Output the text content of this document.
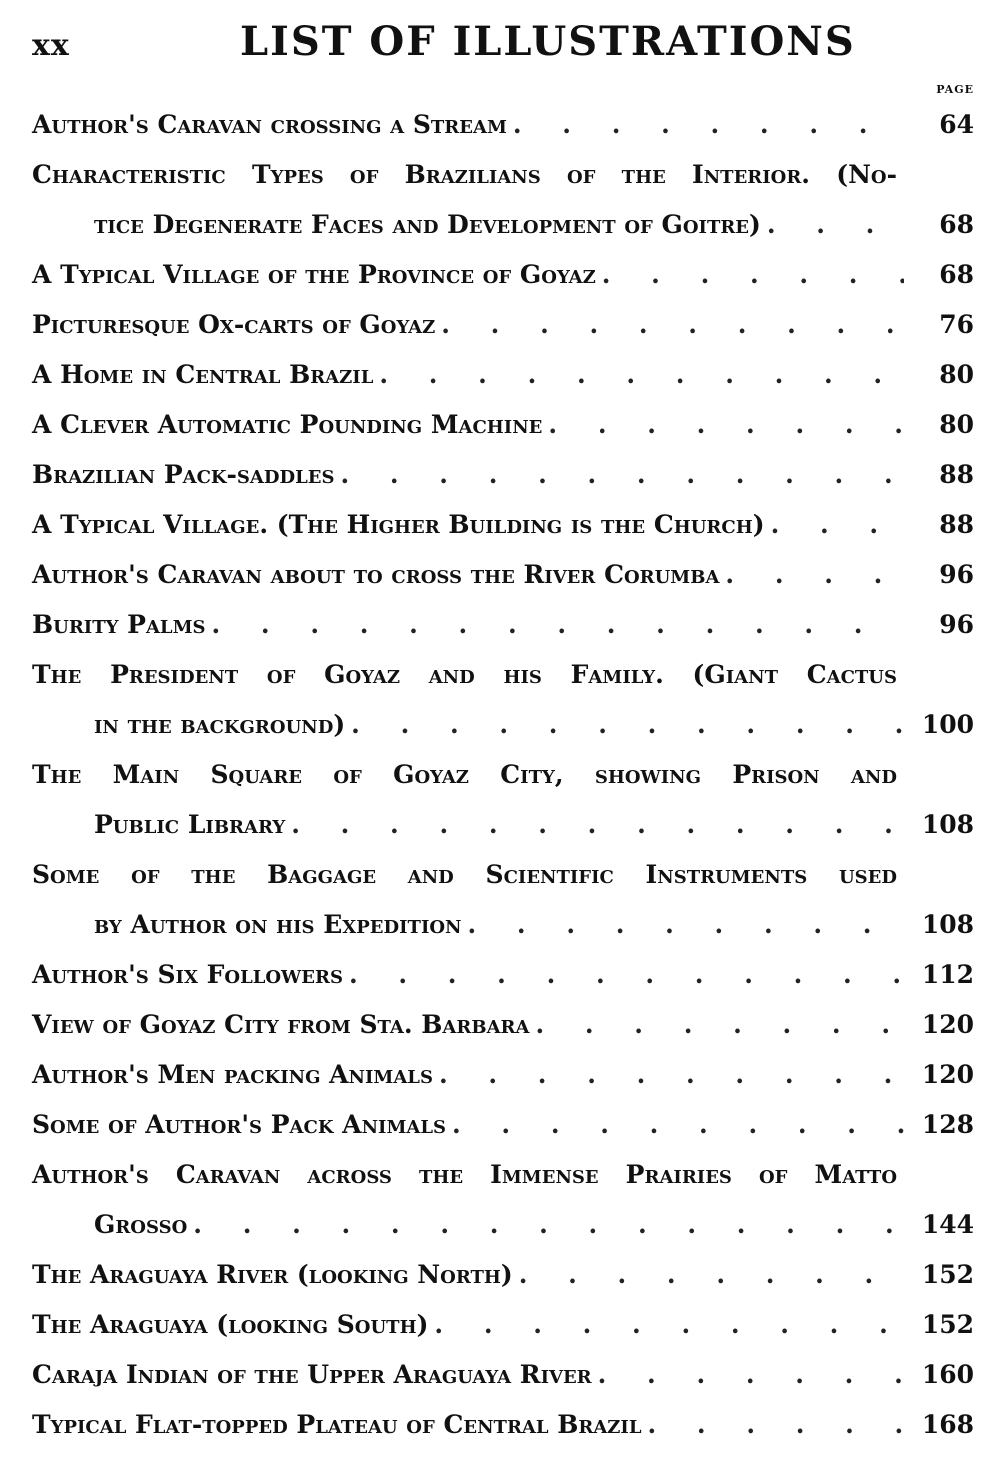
xx	LIST OF ILLUSTRATIONS
PAGE
Author's Caravan crossing a Stream . . .	64
Characteristic Types of Brazilians of the Interior. (No-
tice Degenerate Faces and Development of Goitre) . . .	68
A Typical Village of the Province of Goyaz . . .	68
Picturesque Ox-carts of Goyaz . . .	76
A Home in Central Brazil . . .	80
A Clever Automatic Pounding Machine . . .	80
Brazilian Pack-saddles . . .	88
A Typical Village. (The Higher Building is the Church) . . .	88
Author's Caravan about to cross the River Corumba . . .	96
Burity Palms . . .	96
The President of Goyaz and his Family. (Giant Cactus
in the background) . . .	100
The Main Square of Goyaz City, showing Prison and
Public Library . . .	108
Some of the Baggage and Scientific Instruments used
by Author on his Expedition . . .	108
Author's Six Followers . . .	112
View of Goyaz City from Sta. Barbara . . .	120
Author's Men packing Animals . . .	120
Some of Author's Pack Animals . . .	128
Author's Caravan across the Immense Prairies of Matto
Grosso . . .	144
The Araguaya River (looking North) . . .	152
The Araguaya (looking South) . . .	152
Caraja Indian of the Upper Araguaya River . . .	160
Typical Flat-topped Plateau of Central Brazil . . .	168
